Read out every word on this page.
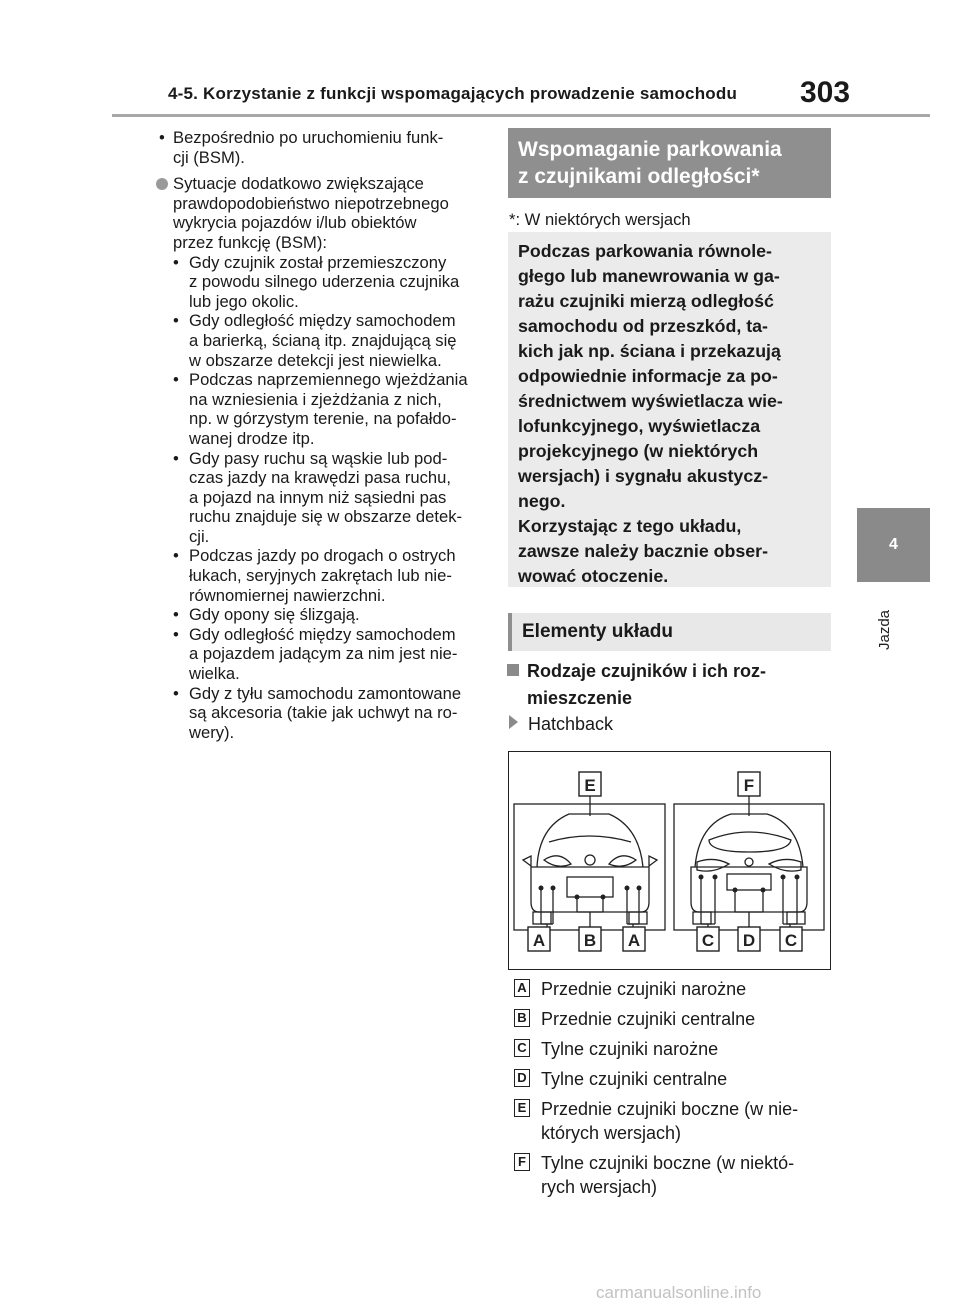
4-5. Korzystanie z funkcji wspomagających prowadzenie samochodu 303
4
Jazda
• Bezpośrednio po uruchomieniu funk-

cji (BSM).

Sytuacje dodatkowo zwiększające

prawdopodobieństwo niepotrzebnego

wykrycia pojazdów i/lub obiektów

przez funkcję (BSM):

• Gdy czujnik został przemieszczony

z powodu silnego uderzenia czujnika

lub jego okolic.

• Gdy odległość między samochodem

a barierką, ścianą itp. znajdującą się

w obszarze detekcji jest niewielka.

• Podczas naprzemiennego wjeżdżania

na wzniesienia i zjeżdżania z nich,

np. w górzystym terenie, na pofałdo-

wanej drodze itp.

• Gdy pasy ruchu są wąskie lub pod-

czas jazdy na krawędzi pasa ruchu,

a pojazd na innym niż sąsiedni pas

ruchu znajduje się w obszarze detek-

cji.

• Podczas jazdy po drogach o ostrych

łukach, seryjnych zakrętach lub nie-

równomiernej nawierzchni.

• Gdy opony się ślizgają.

• Gdy odległość między samochodem

a pojazdem jadącym za nim jest nie-

wielka.

• Gdy z tyłu samochodu zamontowane

są akcesoria (takie jak uchwyt na ro-

wery).

Wspomaganie parkowania
z czujnikami odległości*
*: W niektórych wersjach
Podczas parkowania równole-
głego lub manewrowania w ga-
rażu czujniki mierzą odległość
samochodu od przeszkód, ta-
kich jak np. ściana i przekazują
odpowiednie informacje za po-
średnictwem wyświetlacza wie-
lofunkcyjnego, wyświetlacza
projekcyjnego (w niektórych
wersjach) i sygnału akustycz-
nego.
Korzystając z tego układu,
zawsze należy bacznie obser-
wować otoczenie.
Elementy układu
Rodzaje czujników i ich roz-
mieszczenie
Hatchback
E	F
A B A	C D C
A Przednie czujniki narożne
B Przednie czujniki centralne
C Tylne czujniki narożne
D Tylne czujniki centralne
E Przednie czujniki boczne (w nie-
których wersjach)
F Tylne czujniki boczne (w niektó-
rych wersjach)
carmanualsonline.info
